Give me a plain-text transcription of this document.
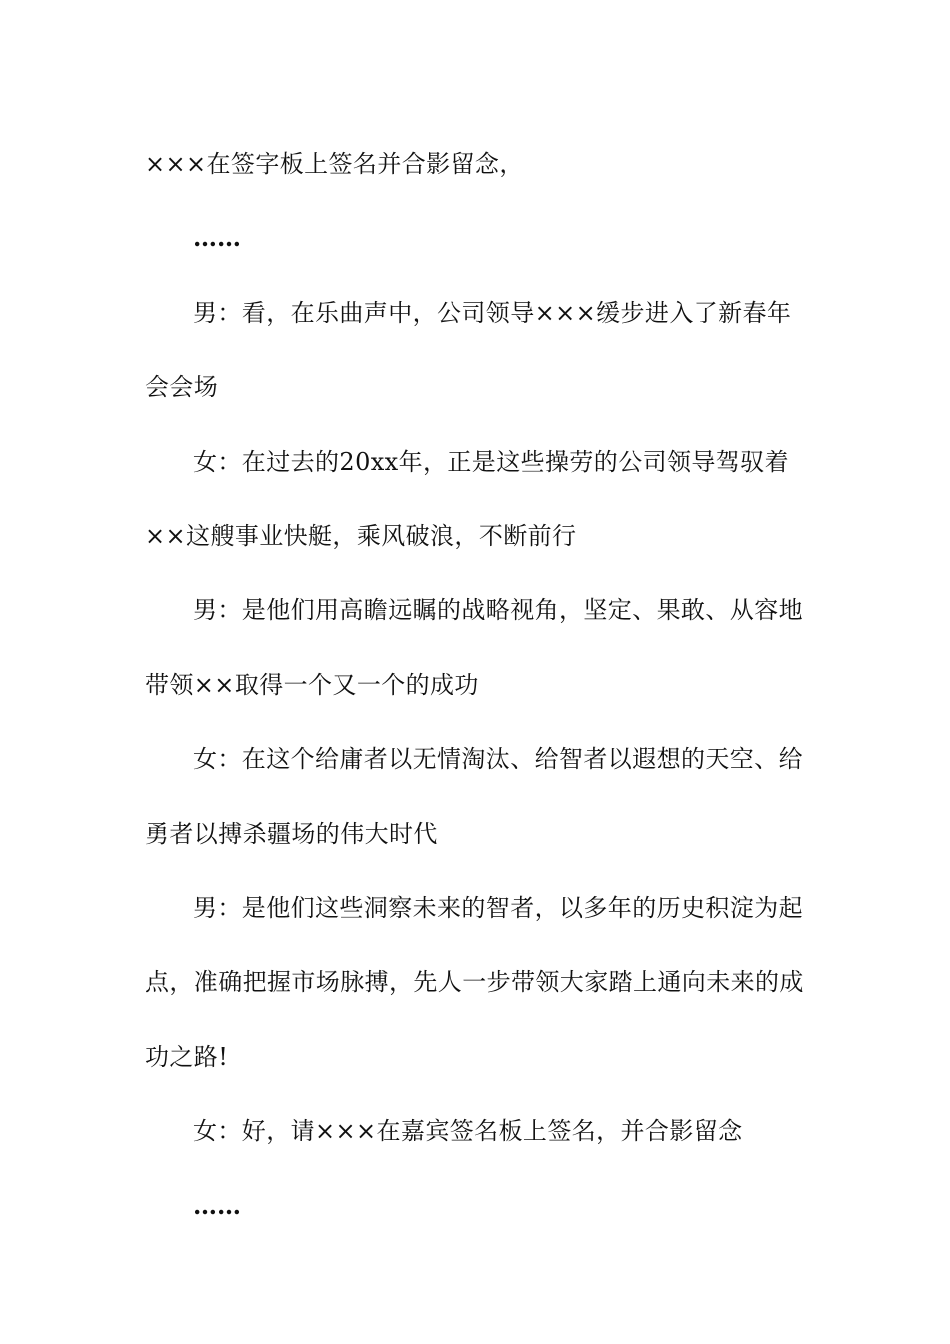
×××在签字板上签名并合影留念，

……

男：看，在乐曲声中，公司领导×××缓步进入了新春年会会场

女：在过去的20xx年，正是这些操劳的公司领导驾驭着××这艘事业快艇，乘风破浪，不断前行

男：是他们用高瞻远瞩的战略视角，坚定、果敢、从容地带领××取得一个又一个的成功

女：在这个给庸者以无情淘汰、给智者以遐想的天空、给勇者以搏杀疆场的伟大时代

男：是他们这些洞察未来的智者，以多年的历史积淀为起点，准确把握市场脉搏，先人一步带领大家踏上通向未来的成功之路!

女：好，请×××在嘉宾签名板上签名，并合影留念

……
